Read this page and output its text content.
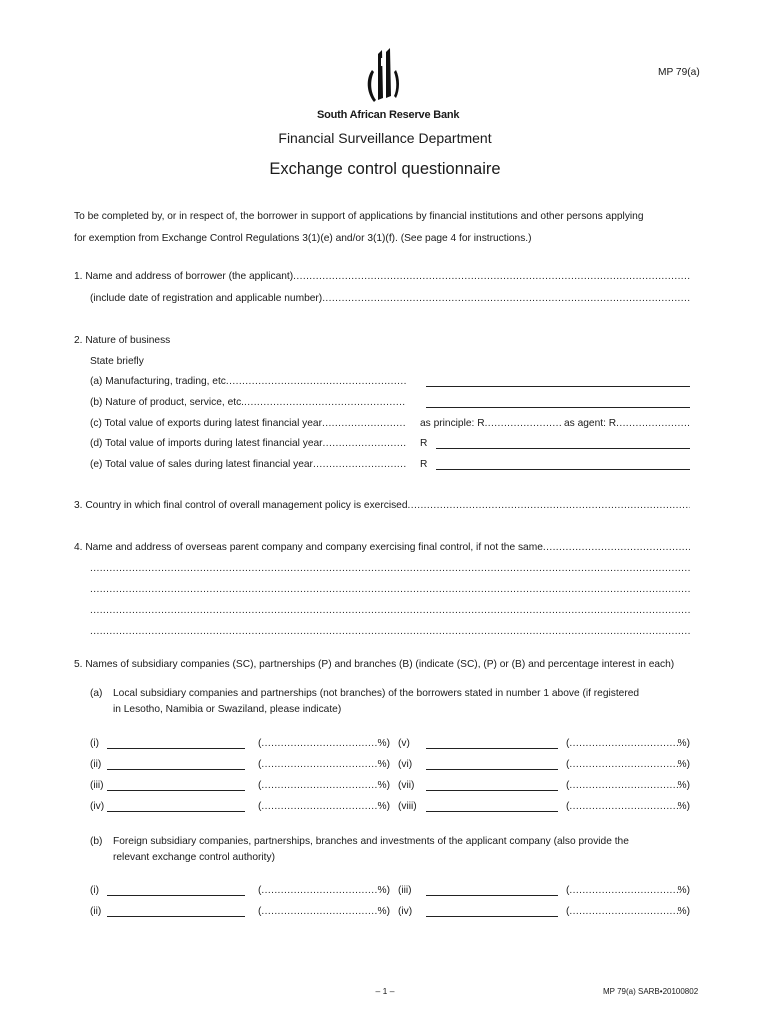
South African Reserve Bank
MP 79(a)
Financial Surveillance Department
Exchange control questionnaire
To be completed by, or in respect of, the borrower in support of applications by financial institutions and other persons applying
for exemption from Exchange Control Regulations 3(1)(e) and/or 3(1)(f). (See page 4 for instructions.)
1. Name and address of borrower (the applicant)
.....
(include date of registration and applicable number)
.....
2. Nature of business
State briefly
(a) Manufacturing, trading, etc
.....
(b) Nature of product, service, etc.
.....
(c) Total value of exports during latest financial year .....	as principle: R .....	as agent: R
.....
(d) Total value of imports during latest financial year .....	R
(e) Total value of sales during latest financial year .....	R
3. Country in which final control of overall management policy is exercised
.....
4. Name and address of overseas parent company and company exercising final control, if not the same
.....
.....
.....
.....
.....
5. Names of subsidiary companies (SC), partnerships (P) and branches (B) (indicate (SC), (P) or (B) and percentage interest in each)
(a) Local subsidiary companies and partnerships (not branches) of the borrowers stated in number 1 above (if registered
in Lesotho, Namibia or Swaziland, please indicate)
(i)	( .....	%) (v)	( .....	%)
(ii)	( .....	%) (vi)	( .....	%)
(iii)	( .....	%) (vii)	( .....	%)
(iv)	( .....	%) (viii)	( .....	%)
(b) Foreign subsidiary companies, partnerships, branches and investments of the applicant company (also provide the
relevant exchange control authority)
(i)	( .....	%) (iii)	( .....	%)
(ii)	( .....	%) (iv)	( .....	%)
– 1 –	MP 79(a) SARB•20100802
